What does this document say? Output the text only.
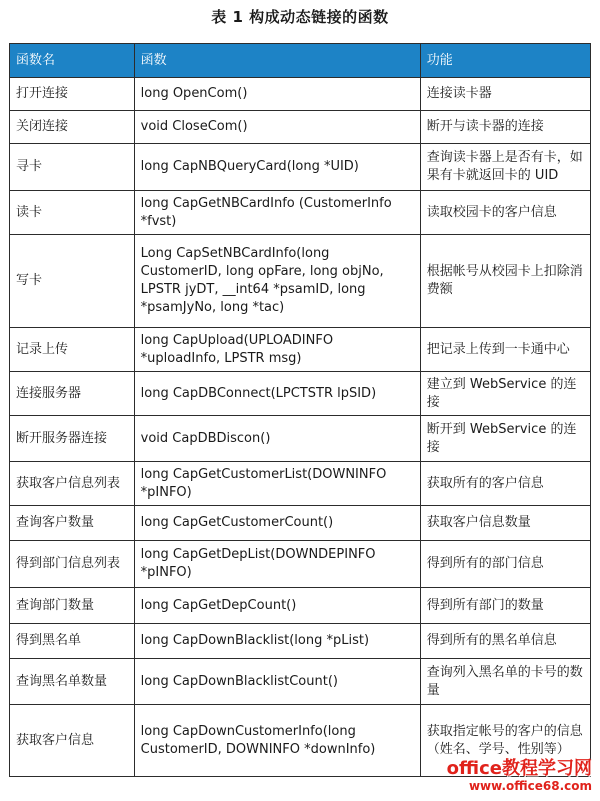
表 1 构成动态链接的函数
函数名	函数	功能
打开连接	long OpenCom()	连接读卡器
关闭连接	void CloseCom()	断开与读卡器的连接
寻卡	long CapNBQueryCard(long *UID)	查询读卡器上是否有卡，如果有卡就返回卡的 UID
读卡	long CapGetNBCardInfo (CustomerInfo *fvst)	读取校园卡的客户信息
写卡	Long CapSetNBCardInfo(long CustomerID, long opFare, long objNo, LPSTR jyDT, __int64 *psamID, long *psamJyNo, long *tac)	根据帐号从校园卡上扣除消费额
记录上传	long CapUpload(UPLOADINFO *uploadInfo, LPSTR msg)	把记录上传到一卡通中心
连接服务器	long CapDBConnect(LPCTSTR lpSID)	建立到 WebService 的连接
断开服务器连接	void CapDBDiscon()	断开到 WebService 的连接
获取客户信息列表	long CapGetCustomerList(DOWNINFO *pINFO)	获取所有的客户信息
查询客户数量	long CapGetCustomerCount()	获取客户信息数量
得到部门信息列表	long CapGetDepList(DOWNDEPINFO *pINFO)	得到所有的部门信息
查询部门数量	long CapGetDepCount()	得到所有部门的数量
得到黑名单	long CapDownBlacklist(long *pList)	得到所有的黑名单信息
查询黑名单数量	long CapDownBlacklistCount()	查询列入黑名单的卡号的数量
获取客户信息	long CapDownCustomerInfo(long CustomerID, DOWNINFO *downInfo)	获取指定帐号的客户的信息（姓名、学号、性别等）
office教程学习网
www.office68.com
